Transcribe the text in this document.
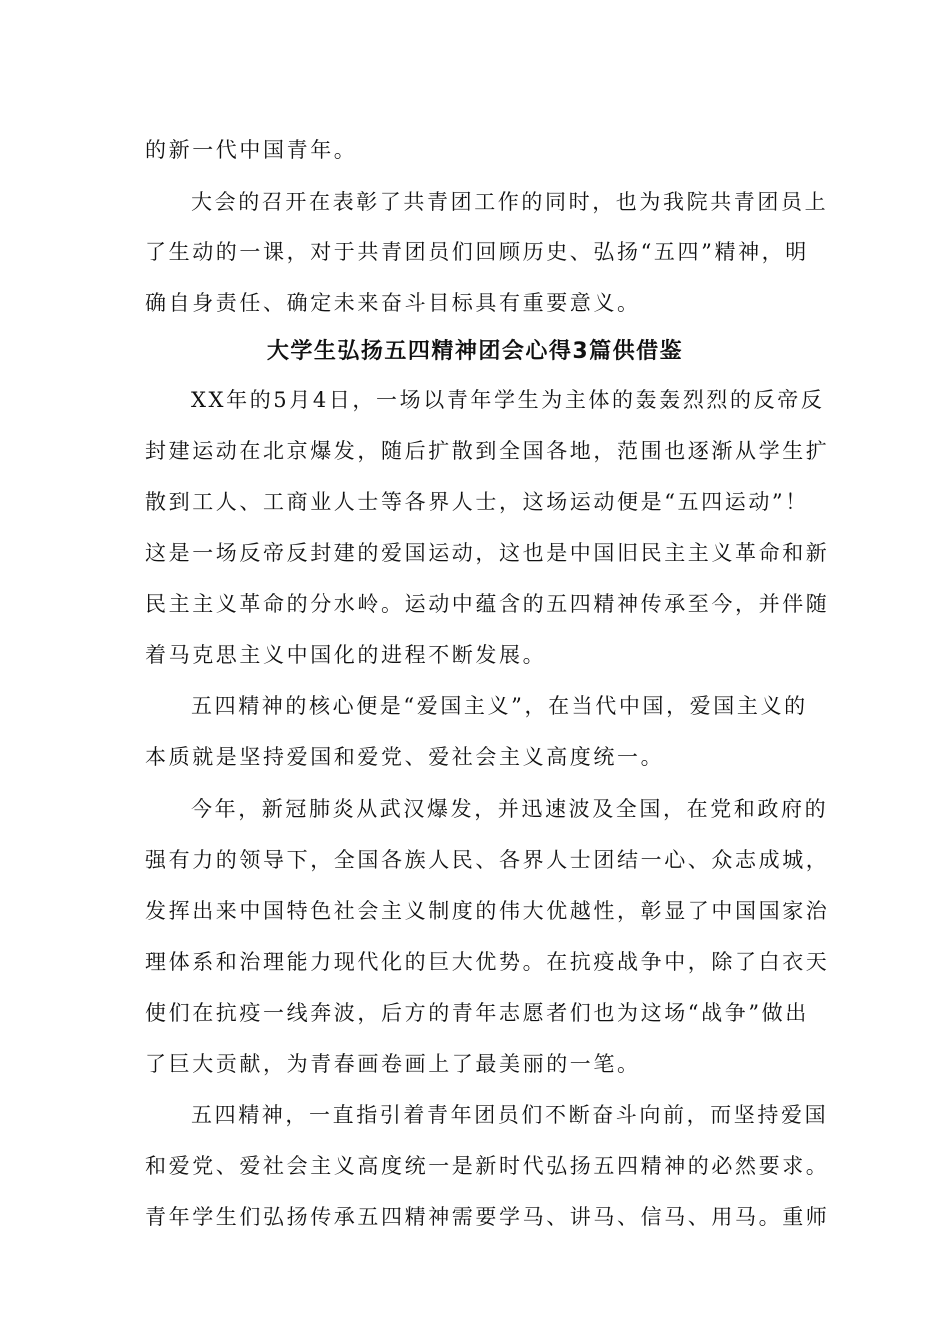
的新一代中国青年。
大会的召开在表彰了共青团工作的同时，也为我院共青团员上
了生动的一课，对于共青团员们回顾历史、弘扬“五四”精神，明
确自身责任、确定未来奋斗目标具有重要意义。
大学生弘扬五四精神团会心得3篇供借鉴
XX年的5月4日，一场以青年学生为主体的轰轰烈烈的反帝反
封建运动在北京爆发，随后扩散到全国各地，范围也逐渐从学生扩
散到工人、工商业人士等各界人士，这场运动便是“五四运动”！
这是一场反帝反封建的爱国运动，这也是中国旧民主主义革命和新
民主主义革命的分水岭。运动中蕴含的五四精神传承至今，并伴随
着马克思主义中国化的进程不断发展。
五四精神的核心便是“爱国主义”，在当代中国，爱国主义的
本质就是坚持爱国和爱党、爱社会主义高度统一。
今年，新冠肺炎从武汉爆发，并迅速波及全国，在党和政府的
强有力的领导下，全国各族人民、各界人士团结一心、众志成城，
发挥出来中国特色社会主义制度的伟大优越性，彰显了中国国家治
理体系和治理能力现代化的巨大优势。在抗疫战争中，除了白衣天
使们在抗疫一线奔波，后方的青年志愿者们也为这场“战争”做出
了巨大贡献，为青春画卷画上了最美丽的一笔。
五四精神，一直指引着青年团员们不断奋斗向前，而坚持爱国
和爱党、爱社会主义高度统一是新时代弘扬五四精神的必然要求。
青年学生们弘扬传承五四精神需要学马、讲马、信马、用马。重师
